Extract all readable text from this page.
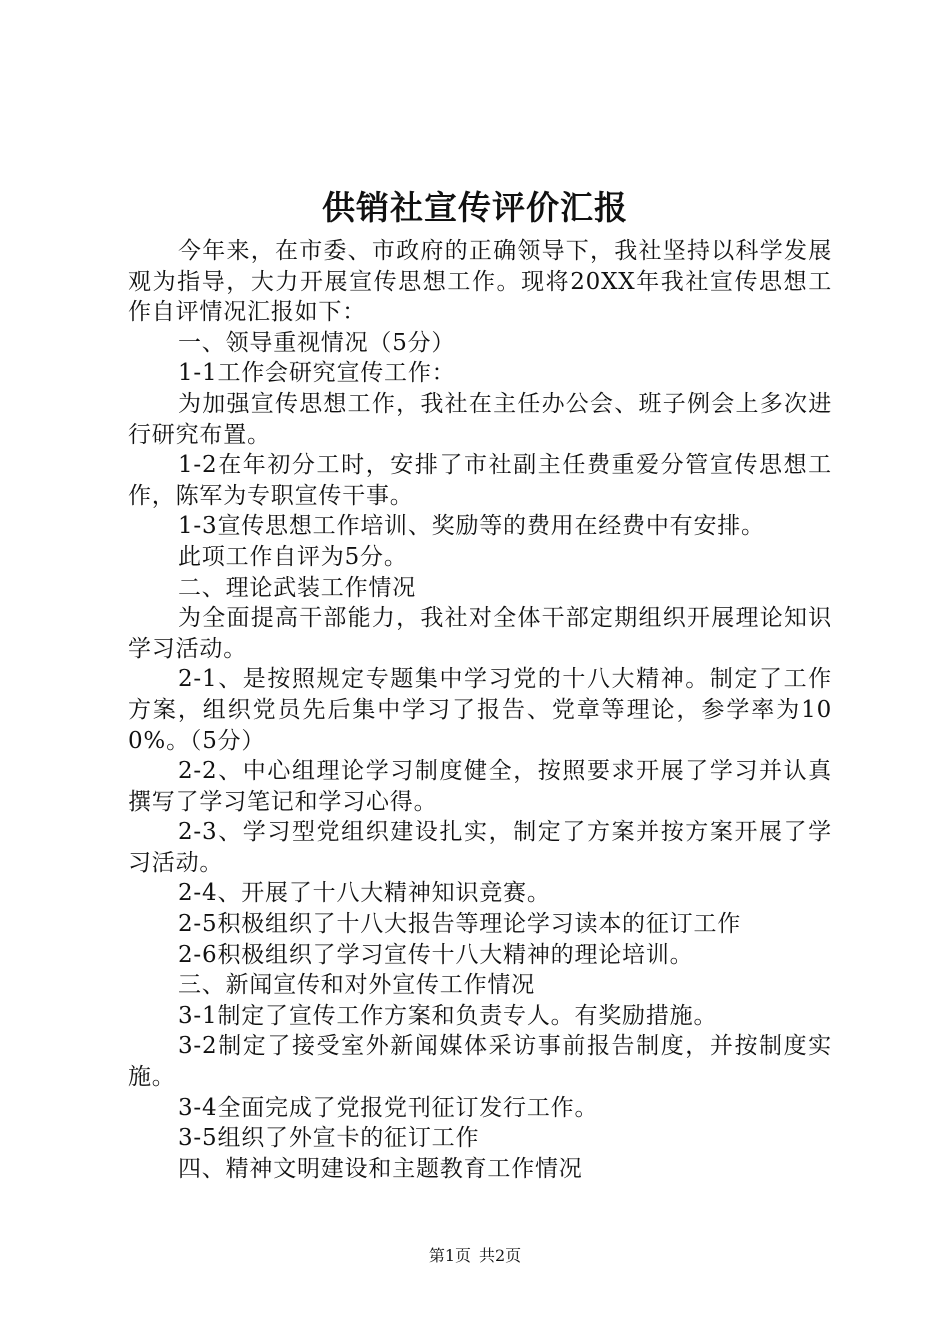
供销社宣传评价汇报

今年来，在市委、市政府的正确领导下，我社坚持以科学发展观为指导，大力开展宣传思想工作。现将20XX年我社宣传思想工作自评情况汇报如下：

一、领导重视情况（5分）

1-1工作会研究宣传工作：

为加强宣传思想工作，我社在主任办公会、班子例会上多次进行研究布置。

1-2在年初分工时，安排了市社副主任费重爱分管宣传思想工作，陈军为专职宣传干事。

1-3宣传思想工作培训、奖励等的费用在经费中有安排。

此项工作自评为5分。

二、理论武装工作情况

为全面提高干部能力，我社对全体干部定期组织开展理论知识学习活动。

2-1、是按照规定专题集中学习党的十八大精神。制定了工作方案，组织党员先后集中学习了报告、党章等理论，参学率为100%。（5分）

2-2、中心组理论学习制度健全，按照要求开展了学习并认真撰写了学习笔记和学习心得。

2-3、学习型党组织建设扎实，制定了方案并按方案开展了学习活动。

2-4、开展了十八大精神知识竞赛。

2-5积极组织了十八大报告等理论学习读本的征订工作

2-6积极组织了学习宣传十八大精神的理论培训。

三、新闻宣传和对外宣传工作情况

3-1制定了宣传工作方案和负责专人。有奖励措施。

3-2制定了接受室外新闻媒体采访事前报告制度，并按制度实施。

3-4全面完成了党报党刊征订发行工作。

3-5组织了外宣卡的征订工作

四、精神文明建设和主题教育工作情况

第1页 共2页
